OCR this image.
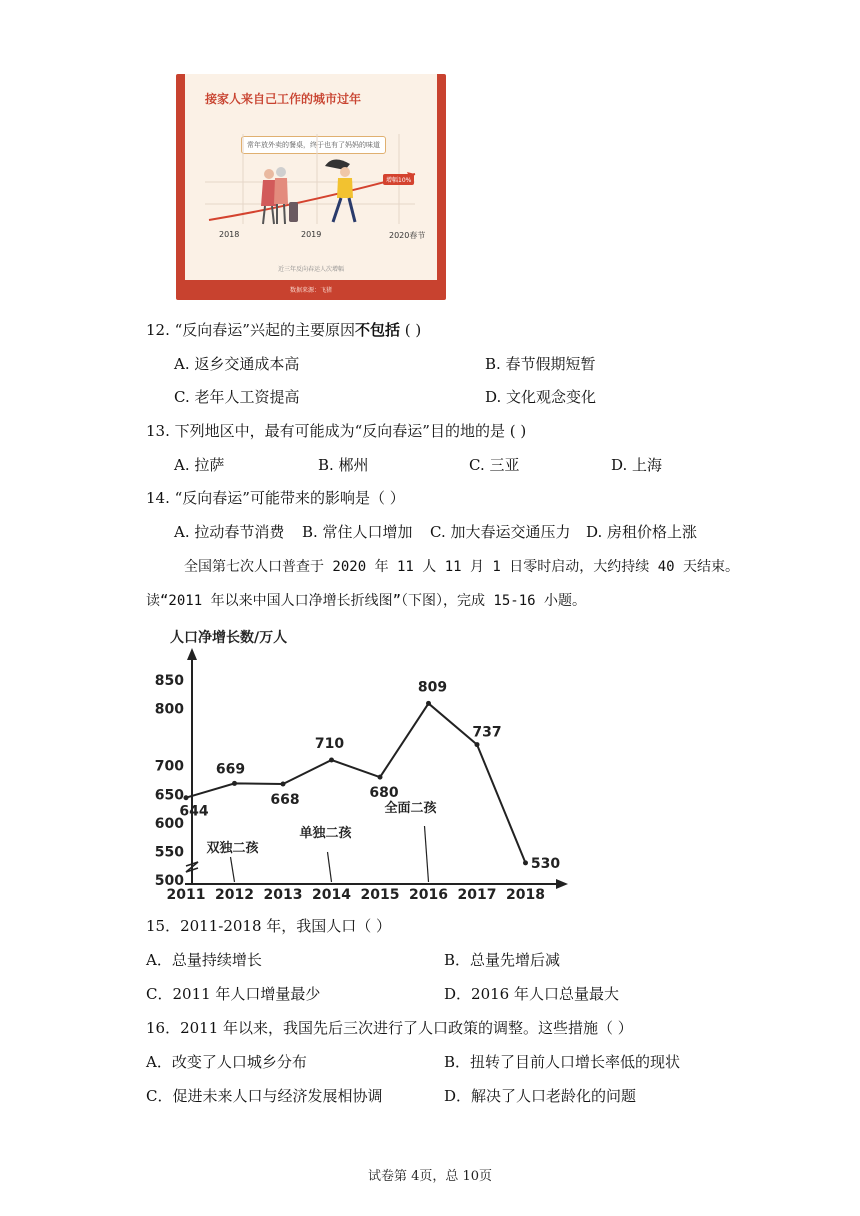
接家人来自己工作的城市过年
常年放外卖的餐桌，终于也有了妈妈的味道
增幅10%
2018	2019	2020春节
近三年反向春运人次增幅
数据来源：飞猪
12. “反向春运”兴起的主要原因不包括 ( )
A. 返乡交通成本高	B. 春节假期短暂
C. 老年人工资提高	D. 文化观念变化
13. 下列地区中，最有可能成为“反向春运”目的地的是 ( )
A. 拉萨	B. 郴州	C. 三亚	D. 上海
14. “反向春运”可能带来的影响是（ ）
A. 拉动春节消费 B. 常住人口增加 C. 加大春运交通压力 D. 房租价格上涨
全国第七次人口普查于 2020 年 11 人 11 月 1 日零时启动，大约持续 40 天结束。
读“2011 年以来中国人口净增长折线图”（下图），完成 15-16 小题。
人口净增长数/万人
500
550
600
650
700
800
850
2011 2012 2013 2014 2015 2016 2017 2018
双独二孩
单独二孩
全面二孩
644
669
668
710
680
809
737
530
15．2011-2018 年，我国人口（ ）
A．总量持续增长	B．总量先增后减
C．2011 年人口增量最少	D．2016 年人口总量最大
16．2011 年以来，我国先后三次进行了人口政策的调整。这些措施（ ）
A．改变了人口城乡分布	B．扭转了目前人口增长率低的现状
C．促进未来人口与经济发展相协调	D．解决了人口老龄化的问题
试卷第 4页，总 10页
